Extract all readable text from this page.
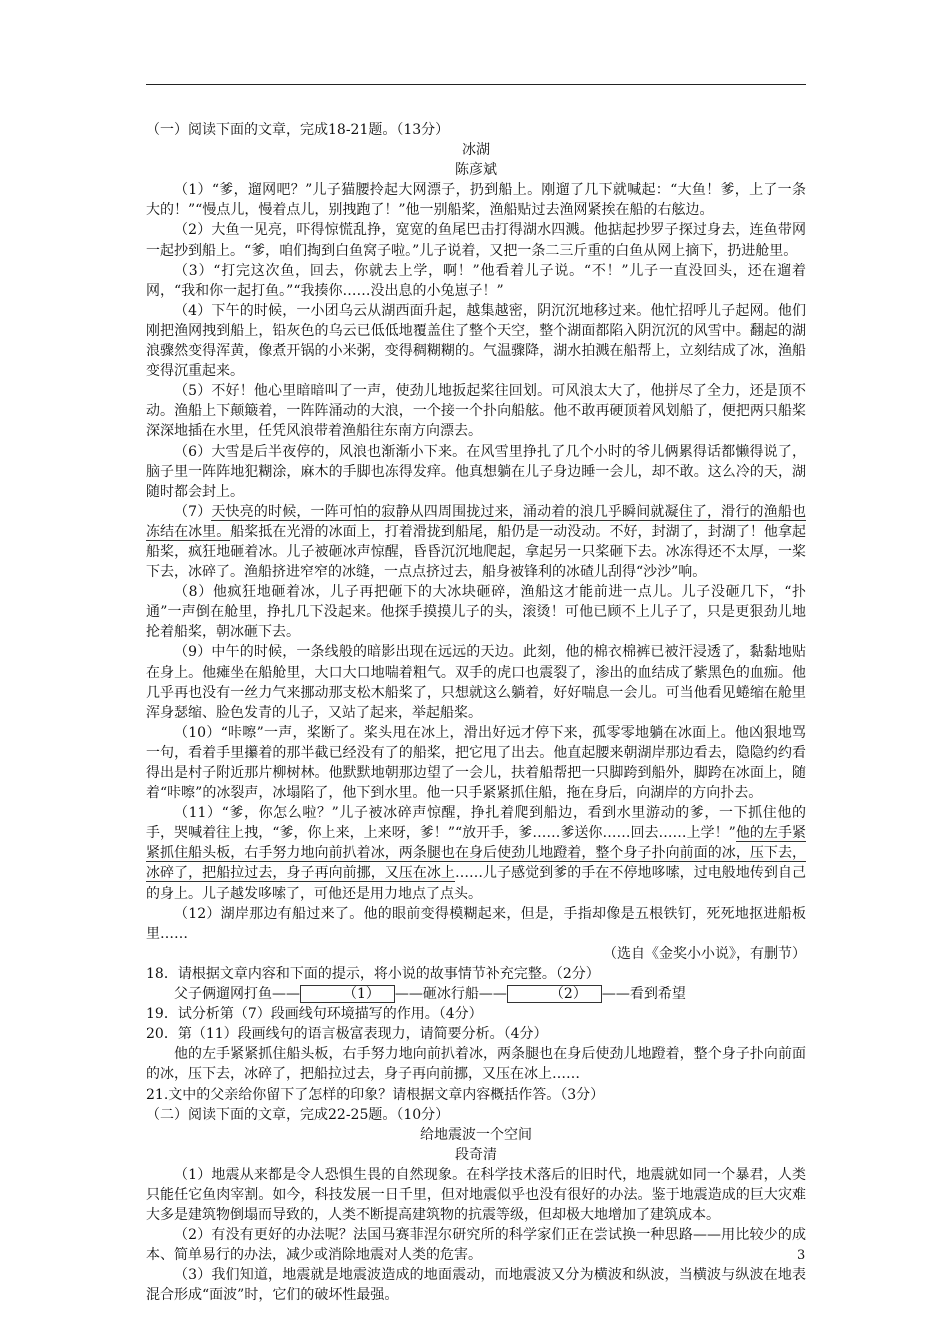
（一）阅读下面的文章，完成18-21题。（13分）

冰湖

陈彦斌

（1）“爹，遛网吧？”儿子猫腰拎起大网漂子，扔到船上。刚遛了几下就喊起：“大鱼！爹，上了一条大的！”“慢点儿，慢着点儿，别拽跑了！”他一别船桨，渔船贴过去渔网紧挨在船的右舷边。

（2）大鱼一见亮，吓得惊慌乱挣，宽宽的鱼尾巴击打得湖水四溅。他掂起抄罗子探过身去，连鱼带网一起抄到船上。“爹，咱们掏到白鱼窝子啦。”儿子说着，又把一条二三斤重的白鱼从网上摘下，扔进舱里。

（3）“打完这次鱼，回去，你就去上学，啊！”他看着儿子说。“不！”儿子一直没回头，还在遛着网，“我和你一起打鱼。”“我揍你……没出息的小兔崽子！”

（4）下午的时候，一小团乌云从湖西面升起，越集越密，阴沉沉地移过来。他忙招呼儿子起网。他们刚把渔网拽到船上，铅灰色的乌云已低低地覆盖住了整个天空，整个湖面都陷入阴沉沉的风雪中。翻起的湖浪骤然变得浑黄，像煮开锅的小米粥，变得稠糊糊的。气温骤降，湖水拍溅在船帮上，立刻结成了冰，渔船变得沉重起来。

（5）不好！他心里暗暗叫了一声，使劲儿地扳起桨往回划。可风浪太大了，他拼尽了全力，还是顶不动。渔船上下颠簸着，一阵阵涌动的大浪，一个接一个扑向船舷。他不敢再硬顶着风划船了，便把两只船桨深深地插在水里，任凭风浪带着渔船往东南方向漂去。

（6）大雪是后半夜停的，风浪也渐渐小下来。在风雪里挣扎了几个小时的爷儿俩累得话都懒得说了，脑子里一阵阵地犯糊涂，麻木的手脚也冻得发痒。他真想躺在儿子身边睡一会儿，却不敢。这么冷的天，湖随时都会封上。

（7）天快亮的时候，一阵可怕的寂静从四周围拢过来，涌动着的浪几乎瞬间就凝住了，滑行的渔船也冻结在冰里。船桨抵在光滑的冰面上，打着滑拢到船尾，船仍是一动没动。不好，封湖了，封湖了！他拿起船桨，疯狂地砸着冰。儿子被砸冰声惊醒，昏昏沉沉地爬起，拿起另一只桨砸下去。冰冻得还不太厚，一桨下去，冰碎了。渔船挤进窄窄的冰缝，一点点挤过去，船身被锋利的冰碴儿刮得“沙沙”响。

（8）他疯狂地砸着冰，儿子再把砸下的大冰块砸碎，渔船这才能前进一点儿。儿子没砸几下，“扑通”一声倒在舱里，挣扎几下没起来。他探手摸摸儿子的头，滚烫！可他已顾不上儿子了，只是更狠劲儿地抡着船桨，朝冰砸下去。

（9）中午的时候，一条线般的暗影出现在远远的天边。此刻，他的棉衣棉裤已被汗浸透了，黏黏地贴在身上。他瘫坐在船舱里，大口大口地喘着粗气。双手的虎口也震裂了，渗出的血结成了紫黑色的血痂。他几乎再也没有一丝力气来挪动那支松木船桨了，只想就这么躺着，好好喘息一会儿。可当他看见蜷缩在舱里浑身瑟缩、脸色发青的儿子，又站了起来，举起船桨。

（10）“咔嚓”一声，桨断了。桨头甩在冰上，滑出好远才停下来，孤零零地躺在冰面上。他凶狠地骂一句，看着手里攥着的那半截已经没有了的船桨，把它甩了出去。他直起腰来朝湖岸那边看去，隐隐约约看得出是村子附近那片柳树林。他默默地朝那边望了一会儿，扶着船帮把一只脚跨到船外，脚跨在冰面上，随着“咔嚓”的冰裂声，冰塌陷了，他下到水里。他一只手紧紧抓住船，拖在身后，向湖岸的方向扑去。

（11）“爹，你怎么啦？”儿子被冰碎声惊醒，挣扎着爬到船边，看到水里游动的爹，一下抓住他的手，哭喊着往上拽，“爹，你上来，上来呀，爹！”“放开手，爹……爹送你……回去……上学！”他的左手紧紧抓住船头板，右手努力地向前扒着冰，两条腿也在身后使劲儿地蹬着，整个身子扑向前面的冰，压下去，冰碎了，把船拉过去，身子再向前挪，又压在冰上……儿子感觉到爹的手在不停地哆嗦，过电般地传到自己的身上。儿子越发哆嗦了，可他还是用力地点了点头。

（12）湖岸那边有船过来了。他的眼前变得模糊起来，但是，手指却像是五根铁钉，死死地抠进船板里……

（选自《金奖小小说》，有删节）

18．请根据文章内容和下面的提示，将小说的故事情节补充完整。（2分）

父子俩遛网打鱼——	（1） ——砸冰行船——	（2） ——看到希望

19．试分析第（7）段画线句环境描写的作用。（4分）

20．第（11）段画线句的语言极富表现力，请简要分析。（4分）

他的左手紧紧抓住船头板，右手努力地向前扒着冰，两条腿也在身后使劲儿地蹬着，整个身子扑向前面的冰，压下去，冰碎了，把船拉过去，身子再向前挪，又压在冰上……

21.文中的父亲给你留下了怎样的印象？请根据文章内容概括作答。（3分）

（二）阅读下面的文章，完成22-25题。（10分）

给地震波一个空间

段奇清

（1）地震从来都是令人恐惧生畏的自然现象。在科学技术落后的旧时代，地震就如同一个暴君，人类只能任它鱼肉宰割。如今，科技发展一日千里，但对地震似乎也没有很好的办法。鉴于地震造成的巨大灾难大多是建筑物倒塌而导致的，人类不断提高建筑物的抗震等级，但却极大地增加了建筑成本。

（2）有没有更好的办法呢？法国马赛菲涅尔研究所的科学家们正在尝试换一种思路——用比较少的成本、简单易行的办法，减少或消除地震对人类的危害。

（3）我们知道，地震就是地震波造成的地面震动，而地震波又分为横波和纵波，当横波与纵波在地表混合形成“面波”时，它们的破坏性最强。

3
